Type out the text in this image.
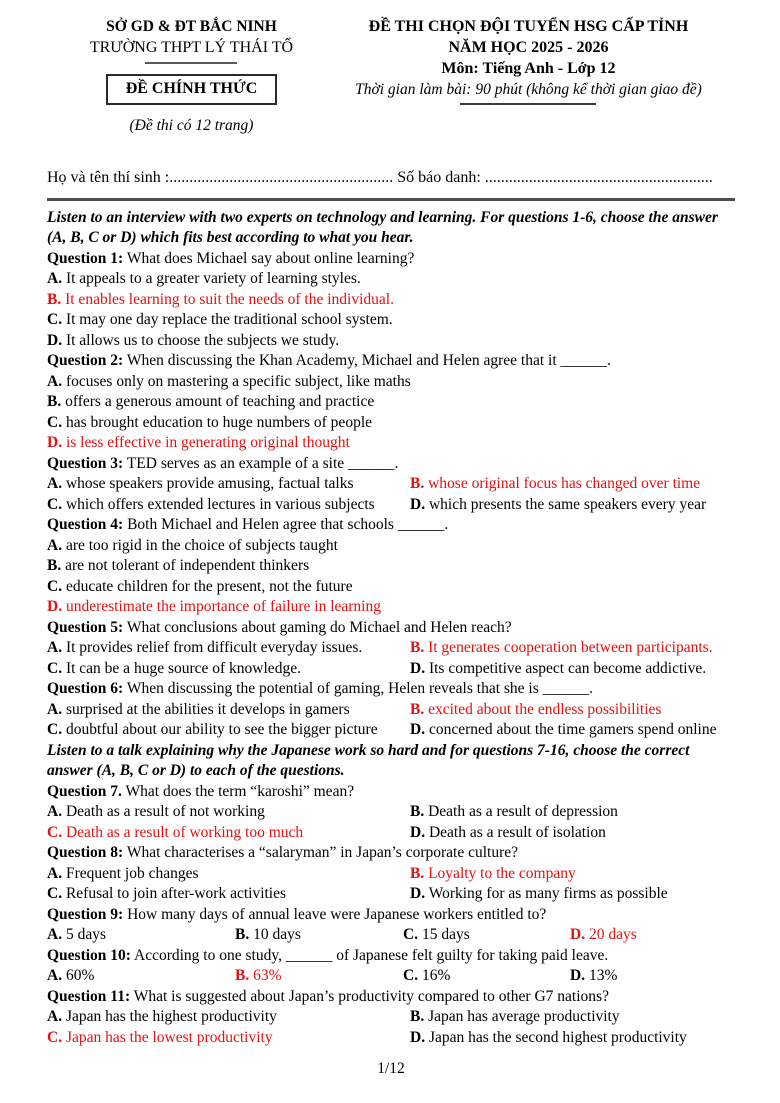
SỞ GD & ĐT BẮC NINH
TRƯỜNG THPT LÝ THÁI TỔ
ĐỀ CHÍNH THỨC
(Đề thi có 12 trang)
ĐỀ THI CHỌN ĐỘI TUYỂN HSG CẤP TỈNH
NĂM HỌC 2025 - 2026
Môn: Tiếng Anh - Lớp 12
Thời gian làm bài: 90 phút (không kể thời gian giao đề)
Họ và tên thí sinh :........................................................ Số báo danh: .........................................................

Listen to an interview with two experts on technology and learning. For questions 1-6, choose the answer (A, B, C or D) which fits best according to what you hear.

Question 1: What does Michael say about online learning?

A. It appeals to a greater variety of learning styles.

B. It enables learning to suit the needs of the individual.

C. It may one day replace the traditional school system.

D. It allows us to choose the subjects we study.

Question 2: When discussing the Khan Academy, Michael and Helen agree that it ______.

A. focuses only on mastering a specific subject, like maths

B. offers a generous amount of teaching and practice

C. has brought education to huge numbers of people

D. is less effective in generating original thought

Question 3: TED serves as an example of a site ______.

A. whose speakers provide amusing, factual talks	B. whose original focus has changed over time

C. which offers extended lectures in various subjects	D. which presents the same speakers every year

Question 4: Both Michael and Helen agree that schools ______.

A. are too rigid in the choice of subjects taught

B. are not tolerant of independent thinkers

C. educate children for the present, not the future

D. underestimate the importance of failure in learning

Question 5: What conclusions about gaming do Michael and Helen reach?

A. It provides relief from difficult everyday issues.	B. It generates cooperation between participants.

C. It can be a huge source of knowledge.	D. Its competitive aspect can become addictive.

Question 6: When discussing the potential of gaming, Helen reveals that she is ______.

A. surprised at the abilities it develops in gamers	B. excited about the endless possibilities

C. doubtful about our ability to see the bigger picture	D. concerned about the time gamers spend online

Listen to a talk explaining why the Japanese work so hard and for questions 7-16, choose the correct answer (A, B, C or D) to each of the questions.

Question 7. What does the term “karoshi” mean?

A. Death as a result of not working	B. Death as a result of depression

C. Death as a result of working too much	D. Death as a result of isolation

Question 8: What characterises a “salaryman” in Japan’s corporate culture?

A. Frequent job changes	B. Loyalty to the company

C. Refusal to join after-work activities	D. Working for as many firms as possible

Question 9: How many days of annual leave were Japanese workers entitled to?

A. 5 days	B. 10 days	C. 15 days	D. 20 days

Question 10: According to one study, ______ of Japanese felt guilty for taking paid leave.

A. 60%	B. 63%	C. 16%	D. 13%

Question 11: What is suggested about Japan’s productivity compared to other G7 nations?

A. Japan has the highest productivity	B. Japan has average productivity

C. Japan has the lowest productivity	D. Japan has the second highest productivity

1/12
